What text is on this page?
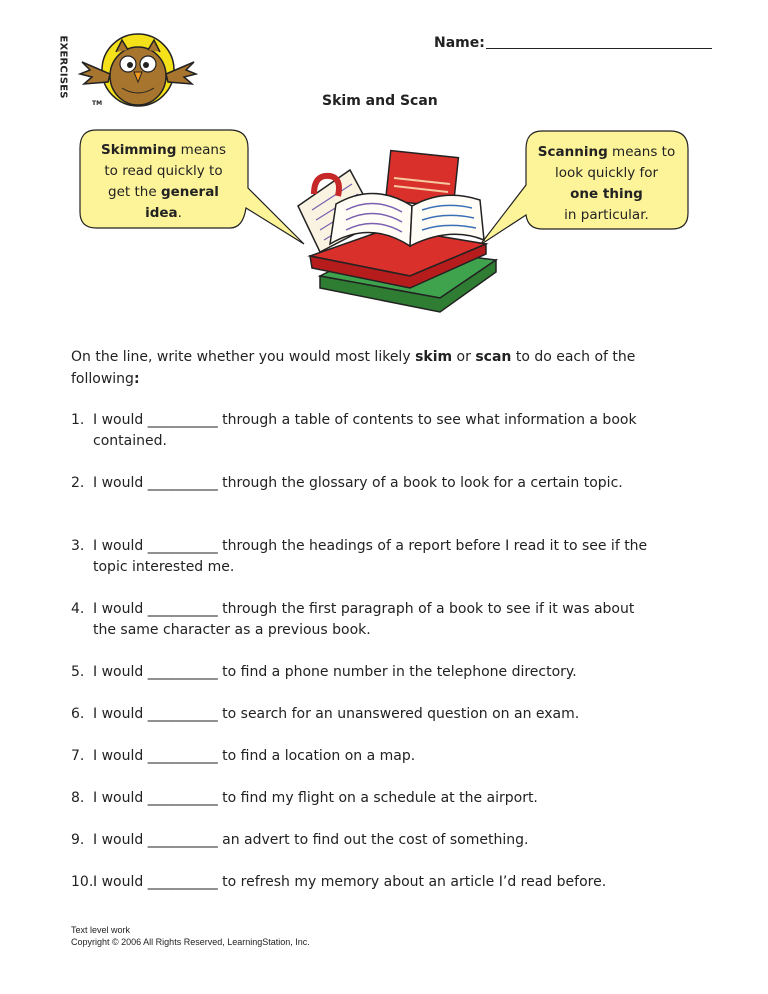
EXERCISES
TM
Name:
Skim and Scan
Skimming means
to read quickly to
get the general
idea.
Scanning means to
look quickly for
one thing
in particular.
On the line, write whether you would most likely skim or scan to do each of the
following:
1. I would __________ through a table of contents to see what information a book
contained.
2. I would __________ through the glossary of a book to look for a certain topic.
3. I would __________ through the headings of a report before I read it to see if the
topic interested me.
4. I would __________ through the first paragraph of a book to see if it was about
the same character as a previous book.
5. I would __________ to find a phone number in the telephone directory.
6. I would __________ to search for an unanswered question on an exam.
7. I would __________ to find a location on a map.
8. I would __________ to find my flight on a schedule at the airport.
9. I would __________ an advert to find out the cost of something.
10.I would __________ to refresh my memory about an article I’d read before.
Text level work
Copyright © 2006 All Rights Reserved, LearningStation, Inc.
